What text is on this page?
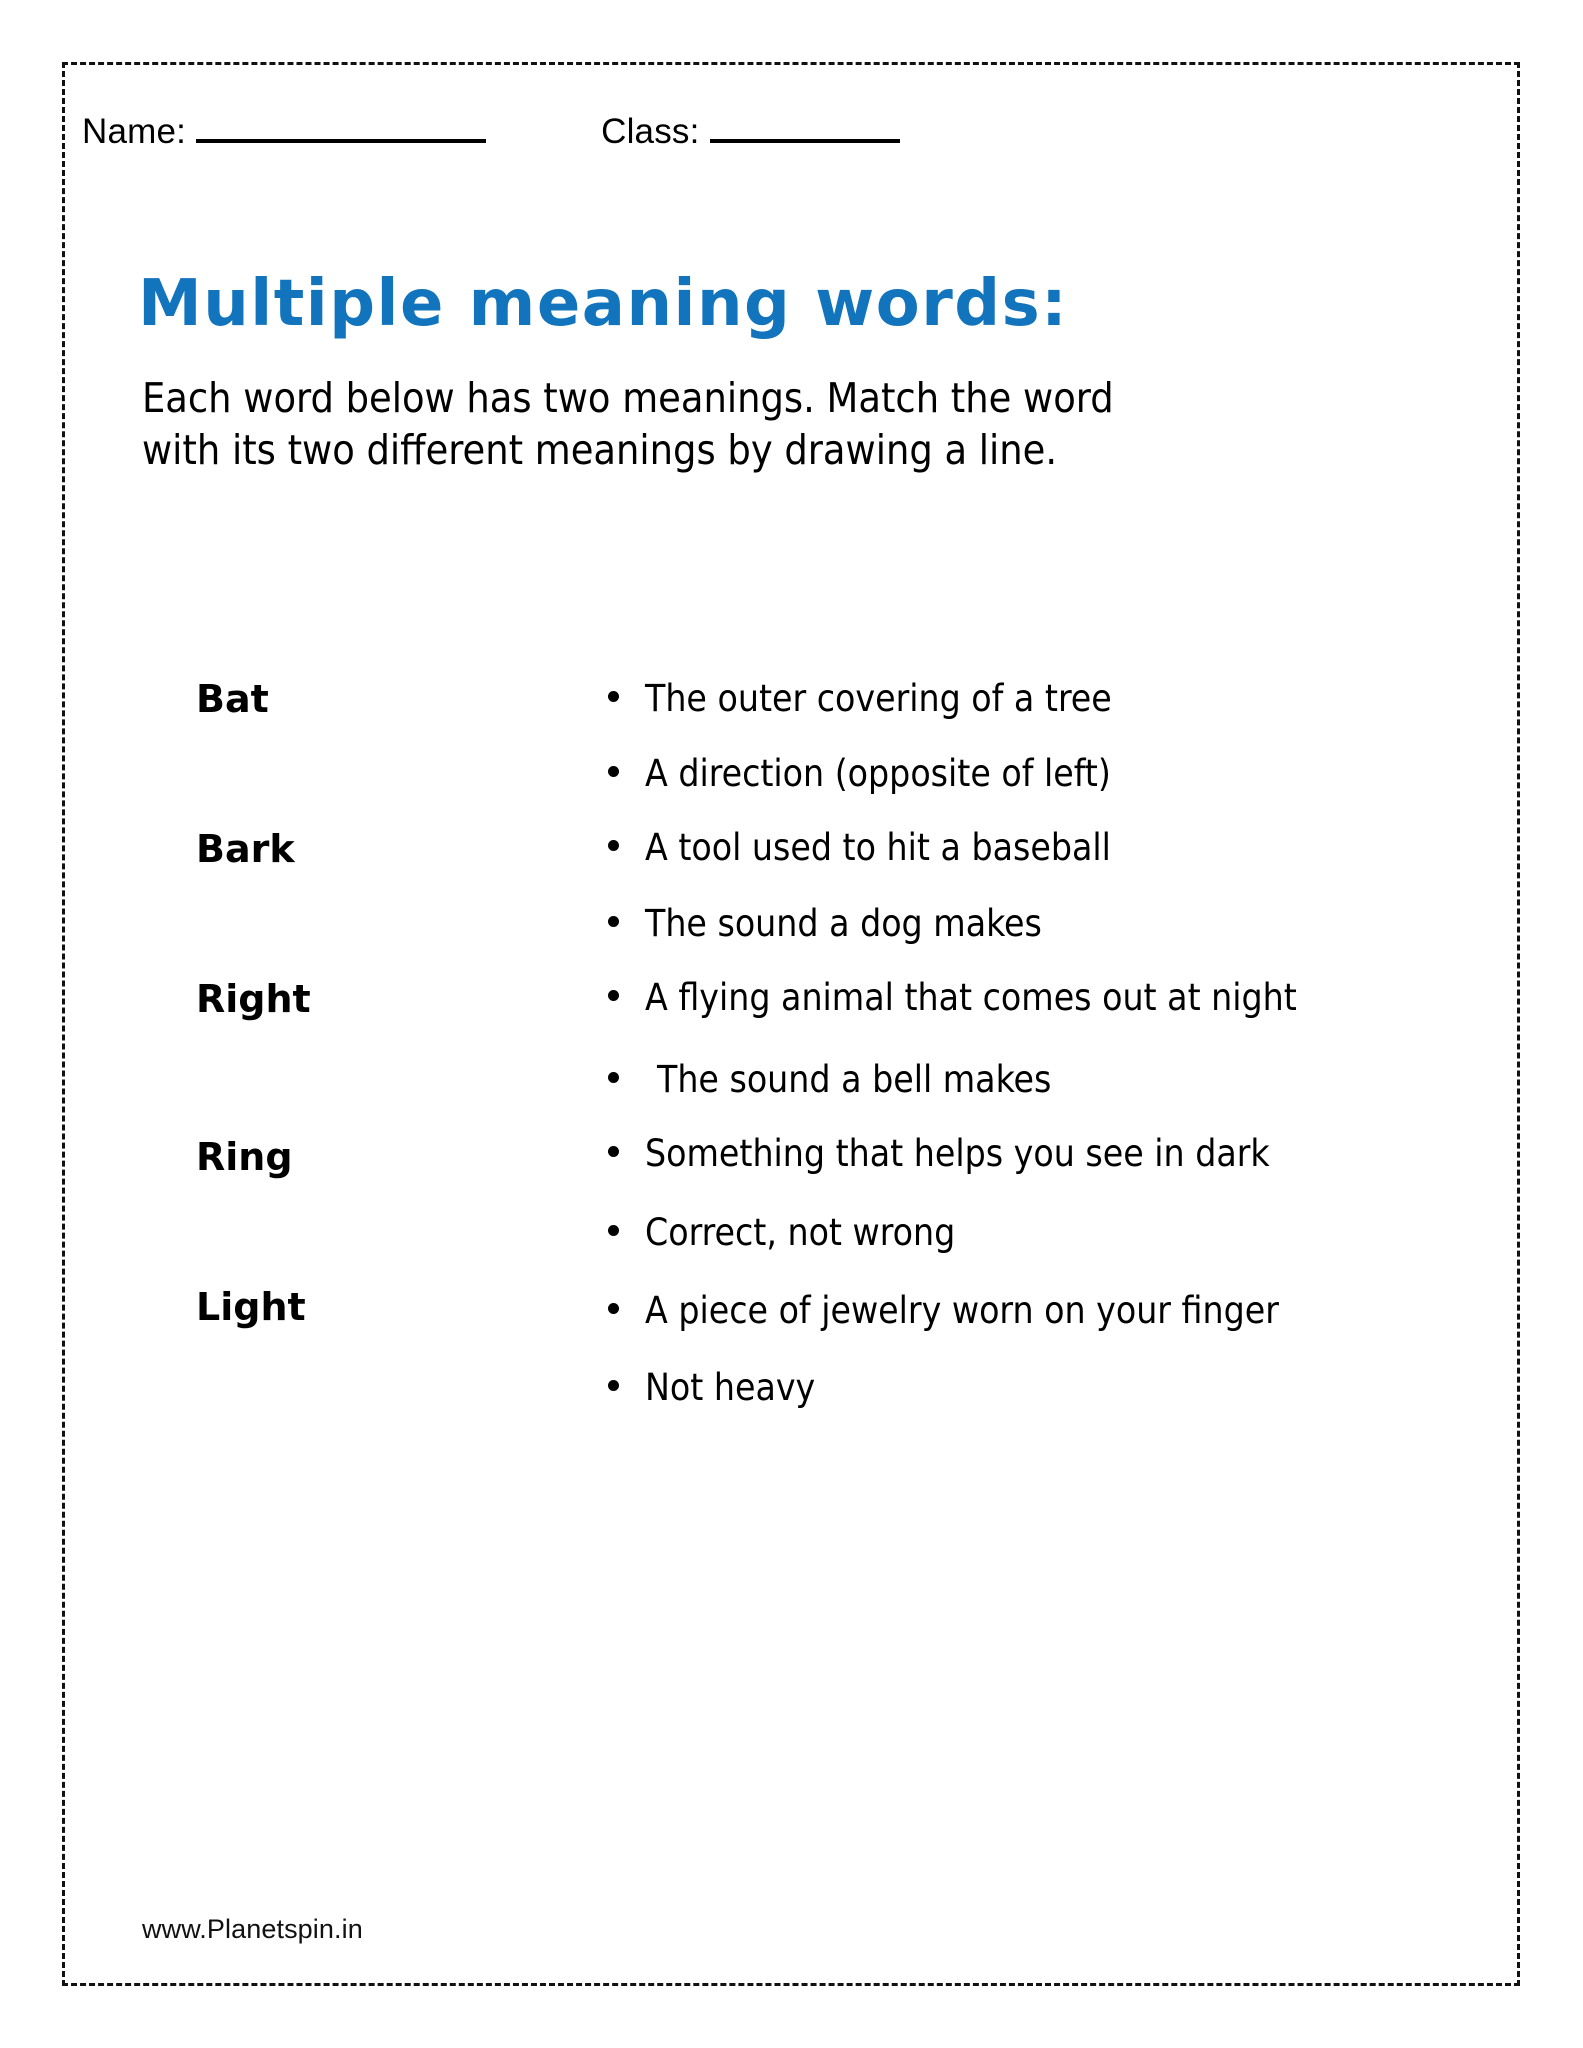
Name:	Class:
Multiple meaning words:
Each word below has two meanings. Match the word
with its two different meanings by drawing a line.
Bat
Bark
Right
Ring
Light
The outer covering of a tree
A direction (opposite of left)
A tool used to hit a baseball
The sound a dog makes
A flying animal that comes out at night
The sound a bell makes
Something that helps you see in dark
Correct, not wrong
A piece of jewelry worn on your finger
Not heavy
www.Planetspin.in
